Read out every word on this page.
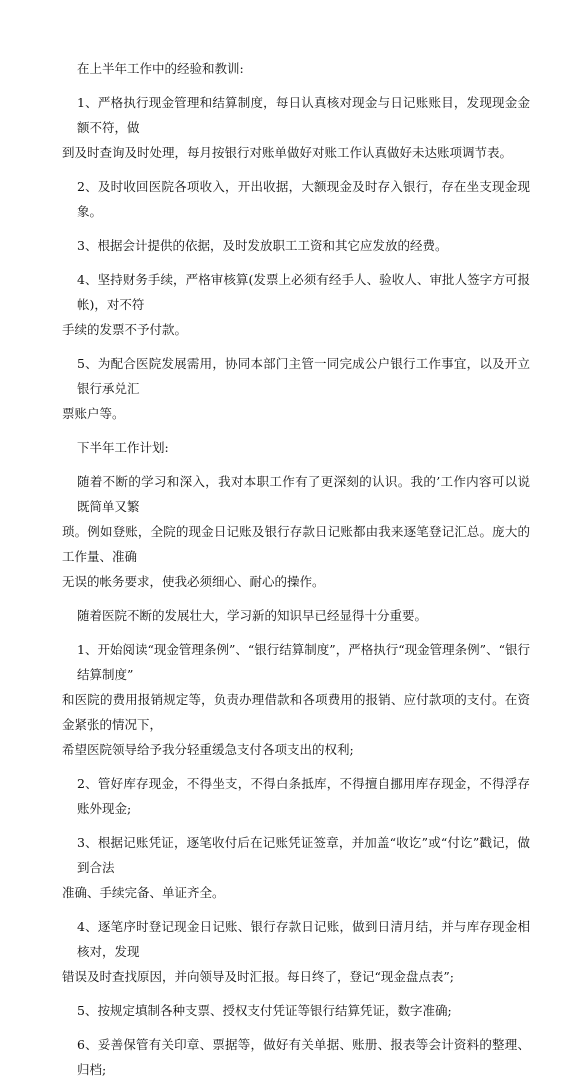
在上半年工作中的经验和教训:
1、严格执行现金管理和结算制度，每日认真核对现金与日记账账目，发现现金金额不符，做
到及时查询及时处理，每月按银行对账单做好对账工作认真做好未达账项调节表。
2、及时收回医院各项收入，开出收据，大额现金及时存入银行，存在坐支现金现象。
3、根据会计提供的依据，及时发放职工工资和其它应发放的经费。
4、坚持财务手续，严格审核算(发票上必须有经手人、验收人、审批人签字方可报帐)，对不符
手续的发票不予付款。
5、为配合医院发展需用，协同本部门主管一同完成公户银行工作事宜，以及开立银行承兑汇
票账户等。
下半年工作计划:
随着不断的学习和深入，我对本职工作有了更深刻的认识。我的’工作内容可以说既简单又繁
琐。例如登账，全院的现金日记账及银行存款日记账都由我来逐笔登记汇总。庞大的工作量、准确
无误的帐务要求，使我必须细心、耐心的操作。
随着医院不断的发展壮大，学习新的知识早已经显得十分重要。
1、开始阅读“现金管理条例”、“银行结算制度”，严格执行“现金管理条例”、“银行结算制度”
和医院的费用报销规定等，负责办理借款和各项费用的报销、应付款项的支付。在资金紧张的情况下，
希望医院领导给予我分轻重缓急支付各项支出的权利;
2、管好库存现金，不得坐支，不得白条抵库，不得擅自挪用库存现金，不得浮存账外现金;
3、根据记账凭证，逐笔收付后在记账凭证签章，并加盖“收讫”或“付讫”戳记，做到合法
准确、手续完备、单证齐全。
4、逐笔序时登记现金日记账、银行存款日记账，做到日清月结，并与库存现金相核对，发现
错误及时查找原因，并向领导及时汇报。每日终了，登记“现金盘点表”;
5、按规定填制各种支票、授权支付凭证等银行结算凭证，数字准确;
6、妥善保管有关印章、票据等，做好有关单据、账册、报表等会计资料的整理、归档;
